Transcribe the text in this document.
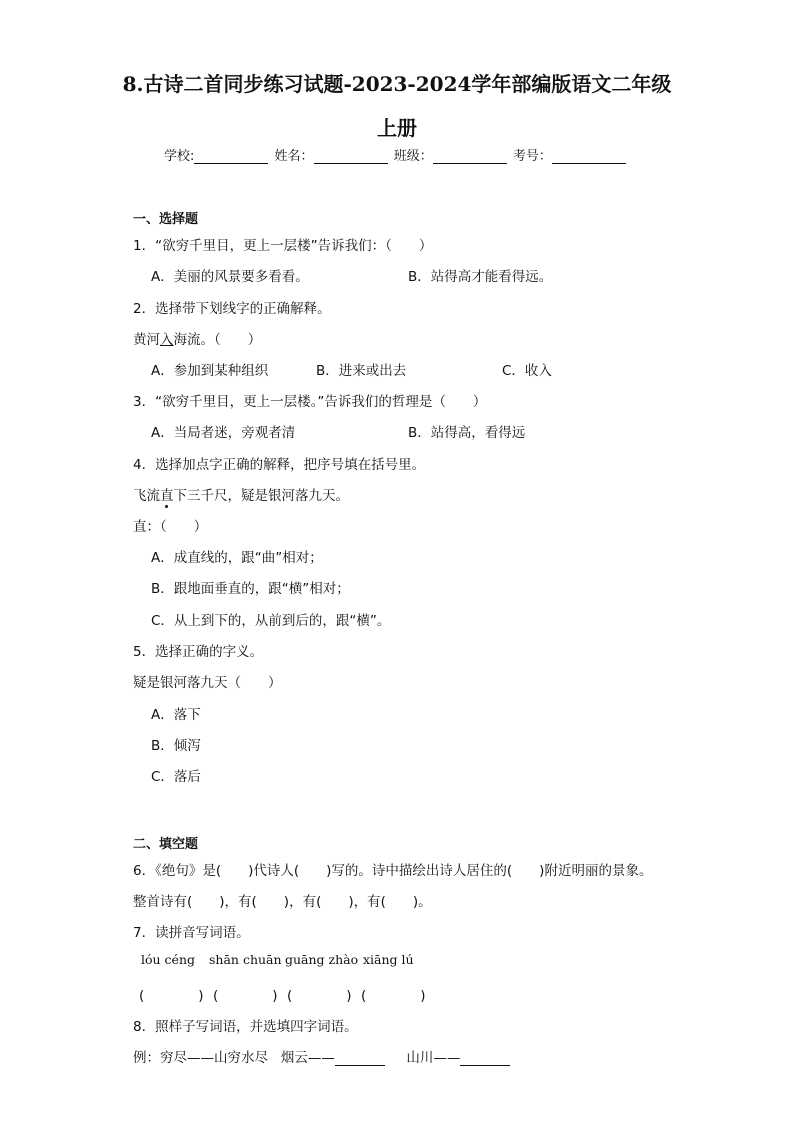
8.古诗二首同步练习试题-2023-2024学年部编版语文二年级
上册
学校:	姓名：	班级：	考号：
一、选择题
1．“欲穷千里目，更上一层楼”告诉我们：（　　）
A．美丽的风景要多看看。	B．站得高才能看得远。
2．选择带下划线字的正确解释。
黄河入海流。（　　）
A．参加到某种组织	B．进来或出去	C．收入
3．“欲穷千里目，更上一层楼。”告诉我们的哲理是（　　）
A．当局者迷，旁观者清	B．站得高，看得远
4．选择加点字正确的解释，把序号填在括号里。
飞流直下三千尺，疑是银河落九天。
直：（　　）
A．成直线的，跟“曲”相对；
B．跟地面垂直的，跟“横”相对；
C．从上到下的，从前到后的，跟“横”。
5．选择正确的字义。
疑是银河落九天（　　）
A．落下
B．倾泻
C．落后
二、填空题
6．《绝句》是(　　)代诗人(　　)写的。诗中描绘出诗人居住的(　　)附近明丽的景象。
整首诗有(　　)，有(　　)，有(　　)，有(　　)。
7．读拼音写词语。
lóu céng shān chuān guāng zhào xiāng lú
(　　　　) (　　　　) (　　　　) (　　　　)
8．照样子写词语，并选填四字词语。
例：穷尽——山穷水尽 烟云——	山川——
